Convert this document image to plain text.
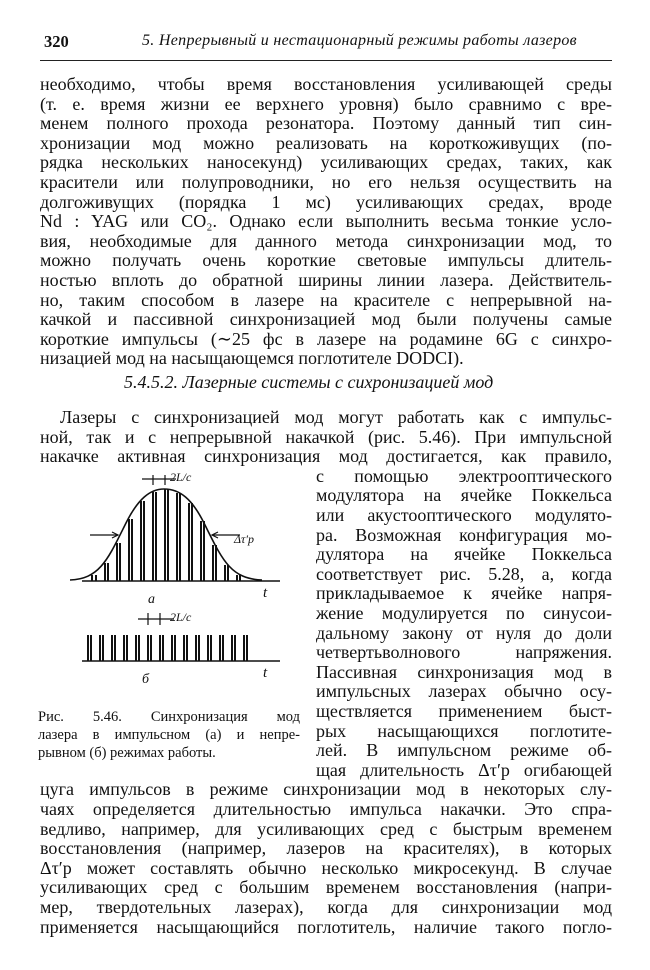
320	5. Непрерывный и нестационарный режимы работы лазеров
необходимо, чтобы время восстановления усиливающей среды
(т. е. время жизни ее верхнего уровня) было сравнимо с вре-
менем полного прохода резонатора. Поэтому данный тип син-
хронизации мод можно реализовать на короткоживущих (по-
рядка нескольких наносекунд) усиливающих средах, таких, как
красители или полупроводники, но его нельзя осуществить на
долгоживущих (порядка 1 мс) усиливающих средах, вроде
Nd : YAG или CO₂. Однако если выполнить весьма тонкие усло-
вия, необходимые для данного метода синхронизации мод, то
можно получать очень короткие световые импульсы длитель-
ностью вплоть до обратной ширины линии лазера. Действитель-
но, таким способом в лазере на красителе с непрерывной на-
качкой и пассивной синхронизацией мод были получены самые
короткие импульсы (∼25 фс в лазере на родамине 6G с синхро-
низацией мод на насыщающемся поглотителе DODCI).
5.4.5.2. Лазерные системы с сихронизацией мод
Лазеры с синхронизацией мод могут работать как с импульс-
ной, так и с непрерывной накачкой (рис. 5.46). При импульсной
накачке активная синхронизация мод достигается, как правило,
с помощью электрооптического
модулятора на ячейке Поккельса
или акустооптического модулято-
ра. Возможная конфигурация мо-
дулятора на ячейке Поккельса
соответствует рис. 5.28, а, когда
прикладываемое к ячейке напря-
жение модулируется по синусои-
дальному закону от нуля до доли
четвертьволнового напряжения.
Пассивная синхронизация мод в
импульсных лазерах обычно осу-
ществляется применением быст-
рых насыщающихся поглотите-
лей. В импульсном режиме об-
щая длительность Δτ′p огибающей
цуга импульсов в режиме синхронизации мод в некоторых слу-
чаях определяется длительностью импульса накачки. Это спра-
ведливо, например, для усиливающих сред с быстрым временем
восстановления (например, лазеров на красителях), в которых
Δτ′p может составлять обычно несколько микросекунд. В случае
усиливающих сред с большим временем восстановления (напри-
2L/c
Δτ′p
а	t
2L/c
б	t
Рис. 5.46. Синхронизация мод
лазера в импульсном (а) и непре-
рывном (б) режимах работы.
мер, твердотельных лазерах), когда для синхронизации мод
применяется насыщающийся поглотитель, наличие такого погло-
